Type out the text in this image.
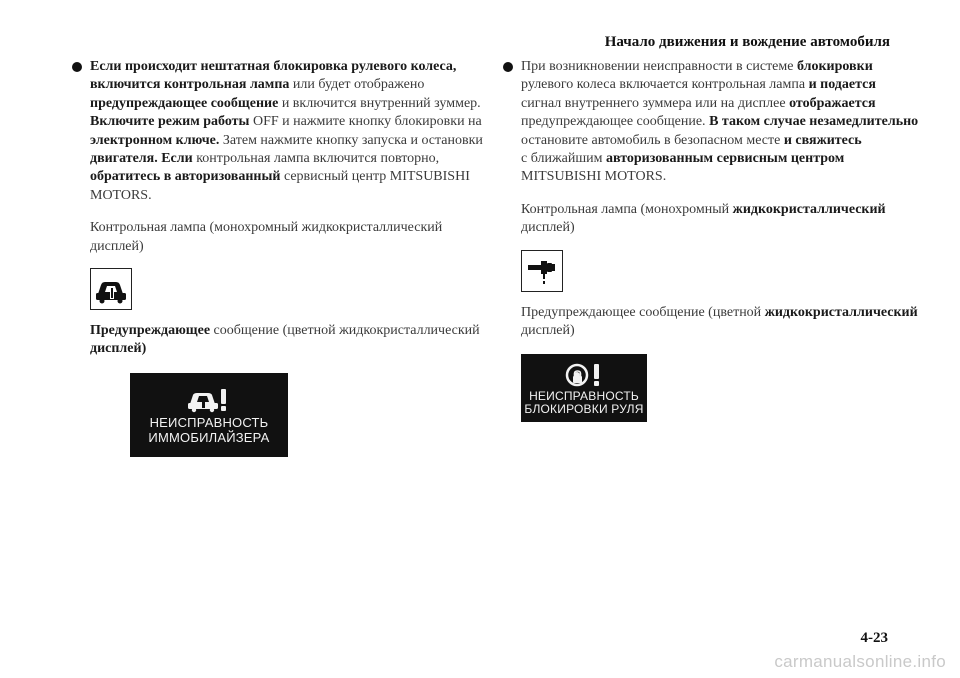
Начало движения и вождение автомобиля
Если происходит нештатная блокировка рулевого колеса,
включится контрольная лампа или будет отображено
предупреждающее сообщение и включится внутренний зуммер.
Включите режим работы OFF и нажмите кнопку блокировки на
электронном ключе. Затем нажмите кнопку запуска и остановки
двигателя. Если контрольная лампа включится повторно,
обратитесь в авторизованный сервисный центр MITSUBISHI
MOTORS.
Контрольная лампа (монохромный жидкокристаллический
дисплей)
Предупреждающее сообщение (цветной жидкокристаллический
дисплей)
НЕИСПРАВНОСТЬ
ИММОБИЛАЙЗЕРА
При возникновении неисправности в системе блокировки
рулевого колеса включается контрольная лампа и подается
сигнал внутреннего зуммера или на дисплее отображается
предупреждающее сообщение. В таком случае незамедлительно
остановите автомобиль в безопасном месте и свяжитесь
с ближайшим авторизованным сервисным центром
MITSUBISHI MOTORS.
Контрольная лампа (монохромный жидкокристаллический
дисплей)
Предупреждающее сообщение (цветной жидкокристаллический
дисплей)
НЕИСПРАВНОСТЬ
БЛОКИРОВКИ РУЛЯ
4-23
carmanualsonline.info
